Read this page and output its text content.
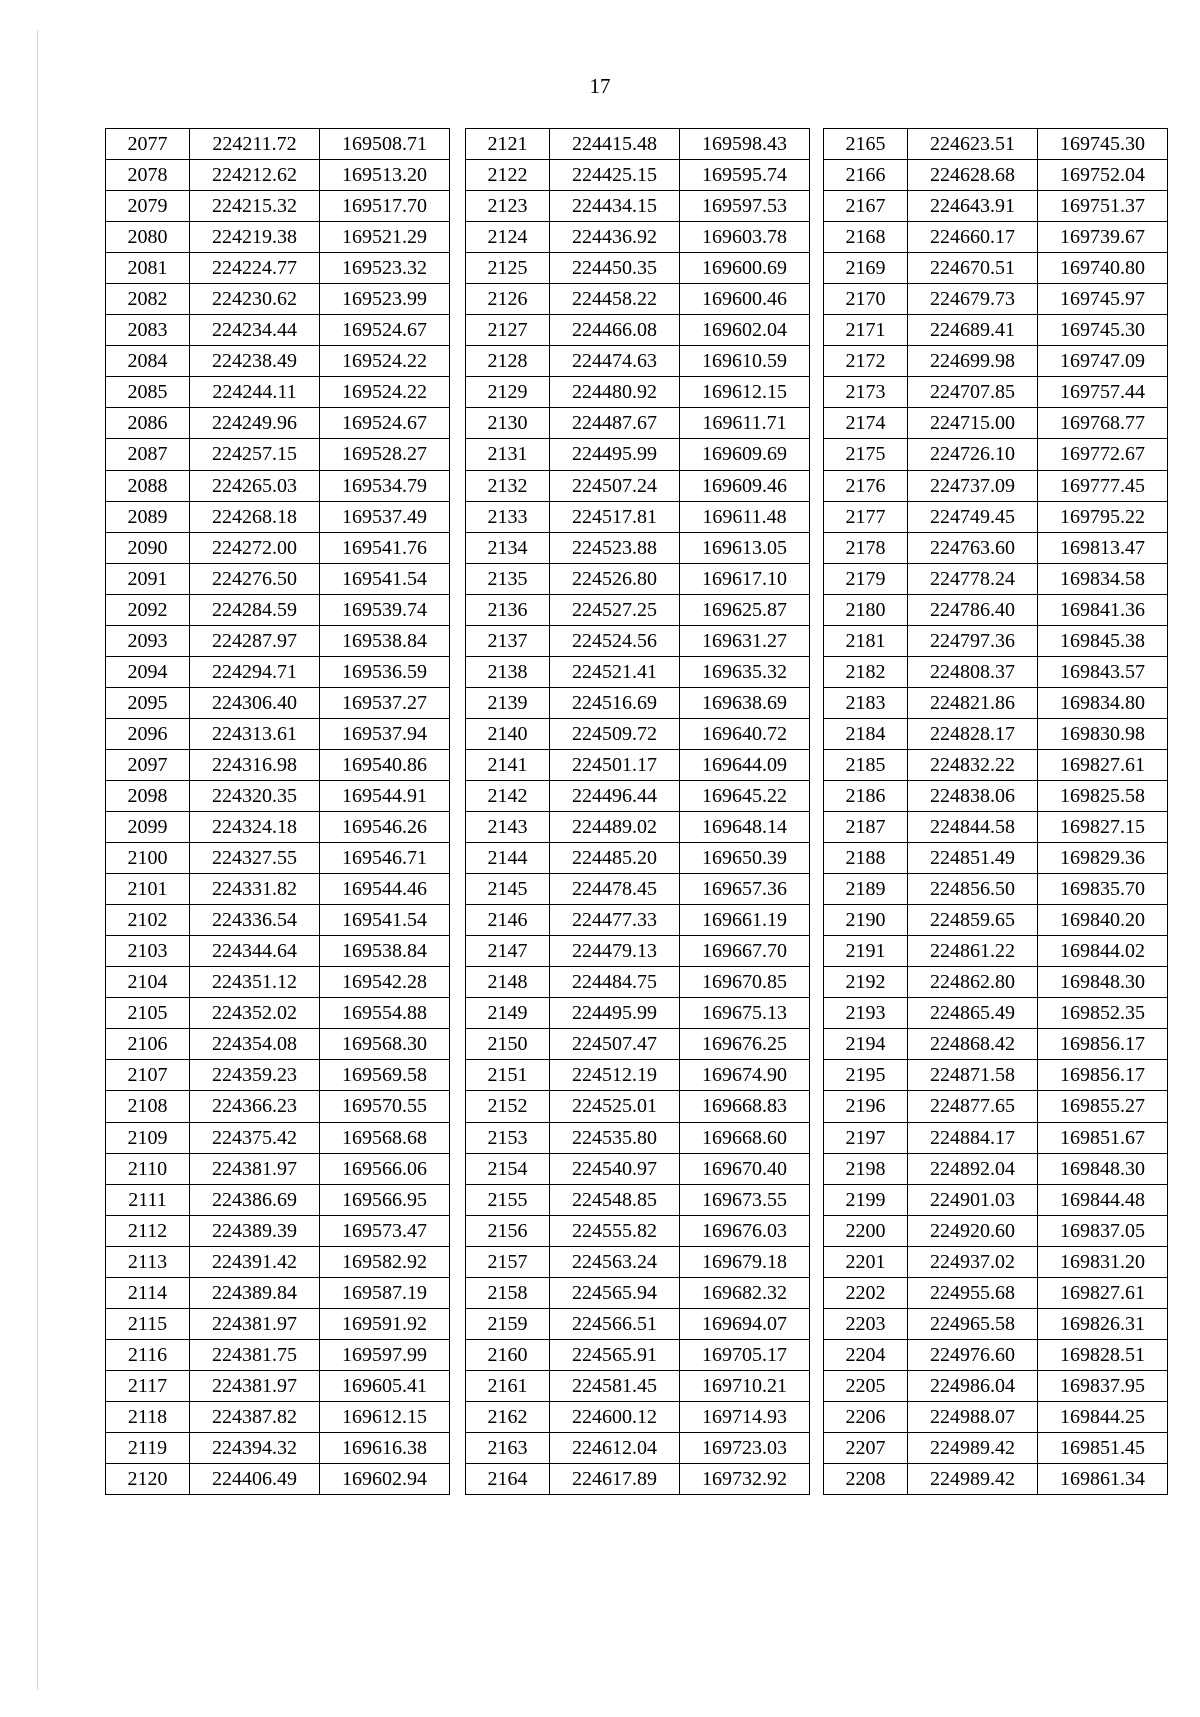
17
2077	224211.72	169508.71
2078	224212.62	169513.20
2079	224215.32	169517.70
2080	224219.38	169521.29
2081	224224.77	169523.32
2082	224230.62	169523.99
2083	224234.44	169524.67
2084	224238.49	169524.22
2085	224244.11	169524.22
2086	224249.96	169524.67
2087	224257.15	169528.27
2088	224265.03	169534.79
2089	224268.18	169537.49
2090	224272.00	169541.76
2091	224276.50	169541.54
2092	224284.59	169539.74
2093	224287.97	169538.84
2094	224294.71	169536.59
2095	224306.40	169537.27
2096	224313.61	169537.94
2097	224316.98	169540.86
2098	224320.35	169544.91
2099	224324.18	169546.26
2100	224327.55	169546.71
2101	224331.82	169544.46
2102	224336.54	169541.54
2103	224344.64	169538.84
2104	224351.12	169542.28
2105	224352.02	169554.88
2106	224354.08	169568.30
2107	224359.23	169569.58
2108	224366.23	169570.55
2109	224375.42	169568.68
2110	224381.97	169566.06
2111	224386.69	169566.95
2112	224389.39	169573.47
2113	224391.42	169582.92
2114	224389.84	169587.19
2115	224381.97	169591.92
2116	224381.75	169597.99
2117	224381.97	169605.41
2118	224387.82	169612.15
2119	224394.32	169616.38
2120	224406.49	169602.94
2121	224415.48	169598.43
2122	224425.15	169595.74
2123	224434.15	169597.53
2124	224436.92	169603.78
2125	224450.35	169600.69
2126	224458.22	169600.46
2127	224466.08	169602.04
2128	224474.63	169610.59
2129	224480.92	169612.15
2130	224487.67	169611.71
2131	224495.99	169609.69
2132	224507.24	169609.46
2133	224517.81	169611.48
2134	224523.88	169613.05
2135	224526.80	169617.10
2136	224527.25	169625.87
2137	224524.56	169631.27
2138	224521.41	169635.32
2139	224516.69	169638.69
2140	224509.72	169640.72
2141	224501.17	169644.09
2142	224496.44	169645.22
2143	224489.02	169648.14
2144	224485.20	169650.39
2145	224478.45	169657.36
2146	224477.33	169661.19
2147	224479.13	169667.70
2148	224484.75	169670.85
2149	224495.99	169675.13
2150	224507.47	169676.25
2151	224512.19	169674.90
2152	224525.01	169668.83
2153	224535.80	169668.60
2154	224540.97	169670.40
2155	224548.85	169673.55
2156	224555.82	169676.03
2157	224563.24	169679.18
2158	224565.94	169682.32
2159	224566.51	169694.07
2160	224565.91	169705.17
2161	224581.45	169710.21
2162	224600.12	169714.93
2163	224612.04	169723.03
2164	224617.89	169732.92
2165	224623.51	169745.30
2166	224628.68	169752.04
2167	224643.91	169751.37
2168	224660.17	169739.67
2169	224670.51	169740.80
2170	224679.73	169745.97
2171	224689.41	169745.30
2172	224699.98	169747.09
2173	224707.85	169757.44
2174	224715.00	169768.77
2175	224726.10	169772.67
2176	224737.09	169777.45
2177	224749.45	169795.22
2178	224763.60	169813.47
2179	224778.24	169834.58
2180	224786.40	169841.36
2181	224797.36	169845.38
2182	224808.37	169843.57
2183	224821.86	169834.80
2184	224828.17	169830.98
2185	224832.22	169827.61
2186	224838.06	169825.58
2187	224844.58	169827.15
2188	224851.49	169829.36
2189	224856.50	169835.70
2190	224859.65	169840.20
2191	224861.22	169844.02
2192	224862.80	169848.30
2193	224865.49	169852.35
2194	224868.42	169856.17
2195	224871.58	169856.17
2196	224877.65	169855.27
2197	224884.17	169851.67
2198	224892.04	169848.30
2199	224901.03	169844.48
2200	224920.60	169837.05
2201	224937.02	169831.20
2202	224955.68	169827.61
2203	224965.58	169826.31
2204	224976.60	169828.51
2205	224986.04	169837.95
2206	224988.07	169844.25
2207	224989.42	169851.45
2208	224989.42	169861.34
